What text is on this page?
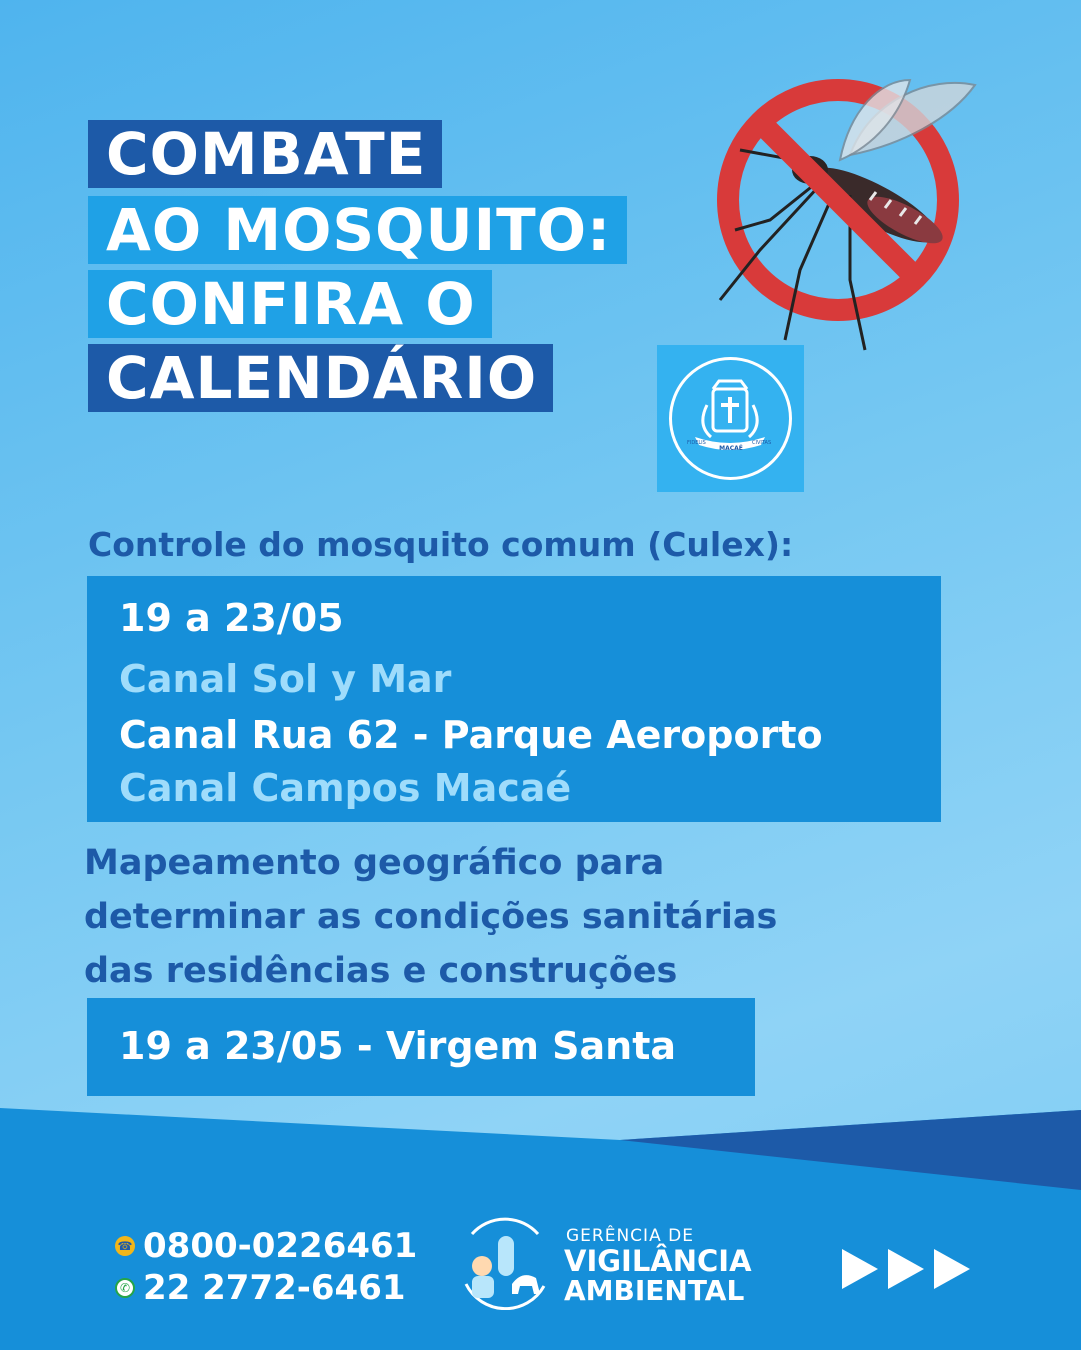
COMBATE
AO MOSQUITO:
CONFIRA O
CALENDÁRIO
MACAÉ
FIDELIS	CIVITAS
Controle do mosquito comum (Culex):
19 a 23/05
Canal Sol y Mar
Canal Rua 62 - Parque Aeroporto
Canal Campos Macaé
Mapeamento geográfico para
determinar as condições sanitárias
das residências e construções
19 a 23/05 - Virgem Santa
☎ 0800-0226461
✆ 22 2772-6461
GERÊNCIA DE
VIGILÂNCIA
AMBIENTAL
